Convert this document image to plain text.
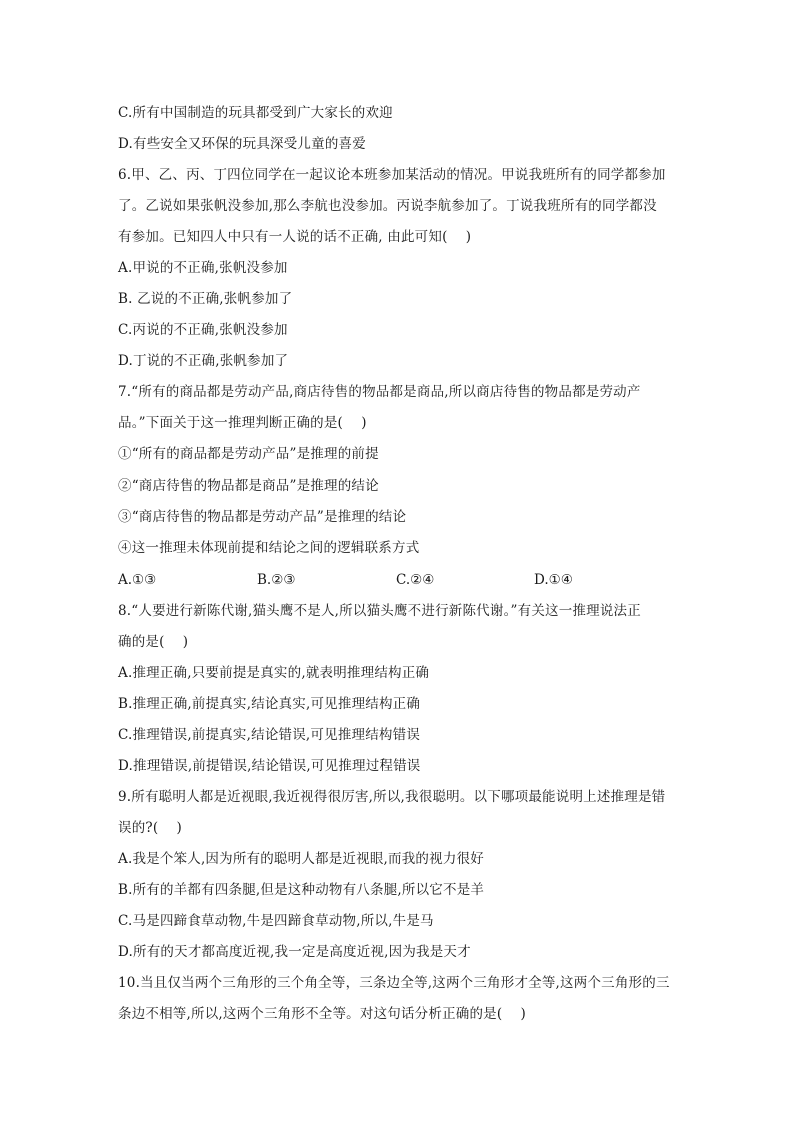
C.所有中国制造的玩具都受到广大家长的欢迎
D.有些安全又环保的玩具深受儿童的喜爱
6.甲、乙、丙、丁四位同学在一起议论本班参加某活动的情况。甲说我班所有的同学都参加
了。乙说如果张帆没参加,那么李航也没参加。丙说李航参加了。丁说我班所有的同学都没
有参加。已知四人中只有一人说的话不正确, 由此可知(　 )
A.甲说的不正确,张帆没参加
B. 乙说的不正确,张帆参加了
C.丙说的不正确,张帆没参加
D.丁说的不正确,张帆参加了
7.“所有的商品都是劳动产品,商店待售的物品都是商品,所以商店待售的物品都是劳动产
品。”下面关于这一推理判断正确的是(　 )
①“所有的商品都是劳动产品”是推理的前提
②“商店待售的物品都是商品”是推理的结论
③“商店待售的物品都是劳动产品”是推理的结论
④这一推理未体现前提和结论之间的逻辑联系方式
A.①③	B.②③	C.②④	D.①④
8.“人要进行新陈代谢,猫头鹰不是人,所以猫头鹰不进行新陈代谢。”有关这一推理说法正
确的是(　 )
A.推理正确,只要前提是真实的,就表明推理结构正确
B.推理正确,前提真实,结论真实,可见推理结构正确
C.推理错误,前提真实,结论错误,可见推理结构错误
D.推理错误,前提错误,结论错误,可见推理过程错误
9.所有聪明人都是近视眼,我近视得很厉害,所以,我很聪明。以下哪项最能说明上述推理是错
误的?(　 )
A.我是个笨人,因为所有的聪明人都是近视眼,而我的视力很好
B.所有的羊都有四条腿,但是这种动物有八条腿,所以它不是羊
C.马是四蹄食草动物,牛是四蹄食草动物,所以,牛是马
D.所有的天才都高度近视,我一定是高度近视,因为我是天才
10.当且仅当两个三角形的三个角全等，三条边全等,这两个三角形才全等,这两个三角形的三
条边不相等,所以,这两个三角形不全等。对这句话分析正确的是(　 )
